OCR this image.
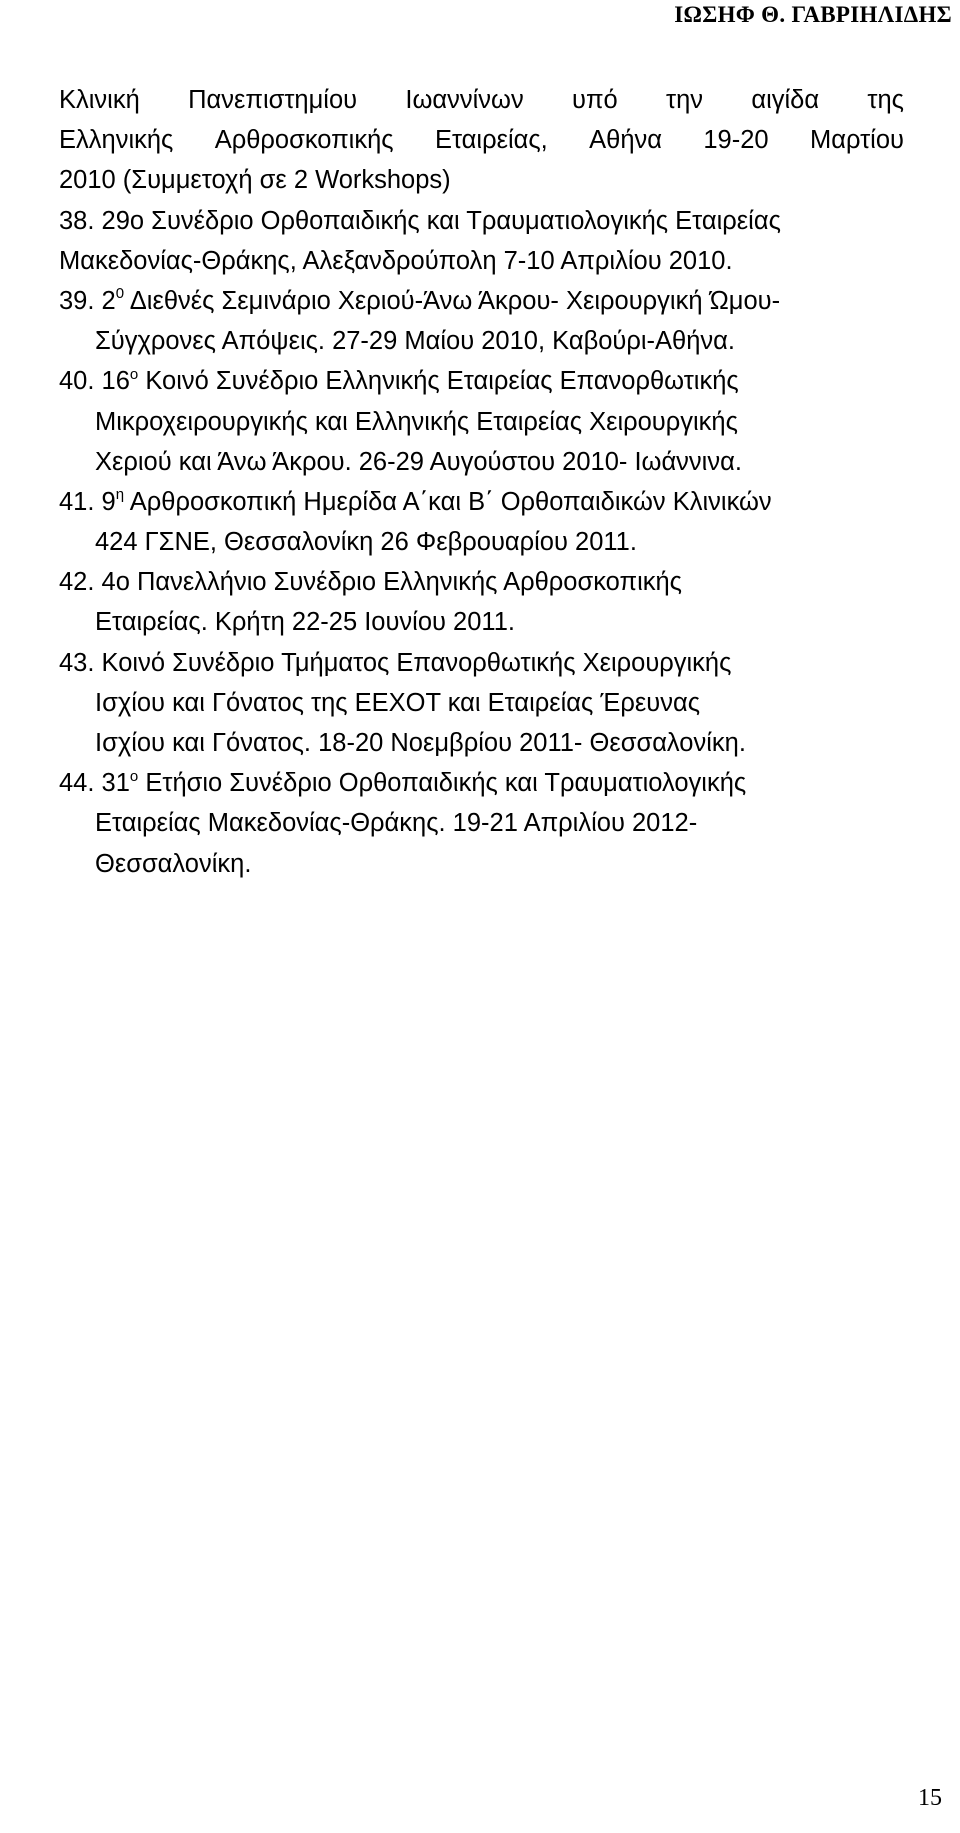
ΙΩΣΗΦ Θ. ΓΑΒΡΙΗΛΙΔΗΣ
Κλινική Πανεπιστημίου Ιωαννίνων υπό την αιγίδα της
Ελληνικής Αρθροσκοπικής Εταιρείας, Αθήνα 19-20 Μαρτίου
2010 (Συμμετοχή σε 2 Workshops)
38. 29ο Συνέδριο Ορθοπαιδικής και Τραυματιολογικής Εταιρείας
Μακεδονίας-Θράκης, Αλεξανδρούπολη 7-10 Απριλίου 2010.
39. $2^0$ Διεθνές Σεμινάριο Χεριού-Άνω Άκρου- Χειρουργική Ώμου-
Σύγχρονες Απόψεις. 27-29 Μαίου 2010, Καβούρι-Αθήνα.
40. $16^o$ Κοινό Συνέδριο Ελληνικής Εταιρείας Επανορθωτικής
Μικροχειρουργικής και Ελληνικής Εταιρείας Χειρουργικής
Χεριού και Άνω Άκρου. 26-29 Αυγούστου 2010- Ιωάννινα.
41. $9^\eta$ Αρθροσκοπική Ημερίδα Α΄και Β΄ Ορθοπαιδικών Κλινικών
424 ΓΣΝΕ, Θεσσαλονίκη 26 Φεβρουαρίου 2011.
42. 4ο Πανελλήνιο Συνέδριο Ελληνικής Αρθροσκοπικής
Εταιρείας. Κρήτη 22-25 Ιουνίου 2011.
43. Κοινό Συνέδριο Τμήματος Επανορθωτικής Χειρουργικής
Ισχίου και Γόνατος της ΕΕΧΟΤ και Εταιρείας Έρευνας
Ισχίου και Γόνατος. 18-20 Νοεμβρίου 2011- Θεσσαλονίκη.
44. $31^o$ Ετήσιο Συνέδριο Ορθοπαιδικής και Τραυματιολογικής
Εταιρείας Μακεδονίας-Θράκης. 19-21 Απριλίου 2012-
Θεσσαλονίκη.
15
